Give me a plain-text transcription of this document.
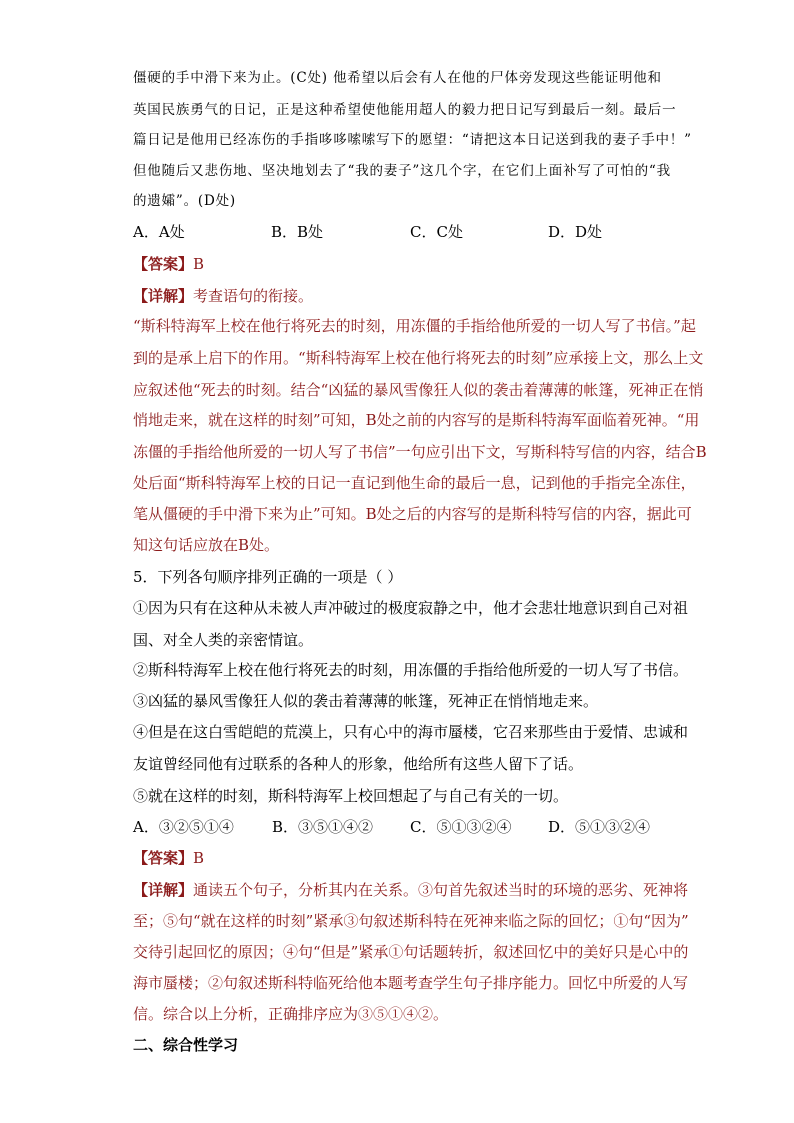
僵硬的手中滑下来为止。(C处) 他希望以后会有人在他的尸体旁发现这些能证明他和
英国民族勇气的日记，正是这种希望使他能用超人的毅力把日记写到最后一刻。最后一
篇日记是他用已经冻伤的手指哆哆嗦嗦写下的愿望：“请把这本日记送到我的妻子手中！”
但他随后又悲伤地、坚决地划去了“我的妻子”这几个字，在它们上面补写了可怕的“我
的遗孀”。(D处)
A．A处	B．B处	C．C处	D．D处
【答案】B
【详解】考查语句的衔接。
“斯科特海军上校在他行将死去的时刻，用冻僵的手指给他所爱的一切人写了书信。”起
到的是承上启下的作用。“斯科特海军上校在他行将死去的时刻”应承接上文，那么上文
应叙述他“死去的时刻。结合“凶猛的暴风雪像狂人似的袭击着薄薄的帐篷，死神正在悄
悄地走来，就在这样的时刻”可知，B处之前的内容写的是斯科特海军面临着死神。“用
冻僵的手指给他所爱的一切人写了书信”一句应引出下文，写斯科特写信的内容，结合B
处后面“斯科特海军上校的日记一直记到他生命的最后一息，记到他的手指完全冻住，
笔从僵硬的手中滑下来为止”可知。B处之后的内容写的是斯科特写信的内容，据此可
知这句话应放在B处。
5．下列各句顺序排列正确的一项是（ ）
①因为只有在这种从未被人声冲破过的极度寂静之中，他才会悲壮地意识到自己对祖
国、对全人类的亲密情谊。
②斯科特海军上校在他行将死去的时刻，用冻僵的手指给他所爱的一切人写了书信。
③凶猛的暴风雪像狂人似的袭击着薄薄的帐篷，死神正在悄悄地走来。
④但是在这白雪皑皑的荒漠上，只有心中的海市蜃楼，它召来那些由于爱情、忠诚和
友谊曾经同他有过联系的各种人的形象，他给所有这些人留下了话。
⑤就在这样的时刻，斯科特海军上校回想起了与自己有关的一切。
A．③②⑤①④	B．③⑤①④② C．⑤①③②④ D．⑤①③②④
【答案】B
【详解】通读五个句子，分析其内在关系。③句首先叙述当时的环境的恶劣、死神将
至；⑤句“就在这样的时刻”紧承③句叙述斯科特在死神来临之际的回忆；①句“因为”
交待引起回忆的原因；④句“但是”紧承①句话题转折，叙述回忆中的美好只是心中的
海市蜃楼；②句叙述斯科特临死给他本题考查学生句子排序能力。回忆中所爱的人写
信。综合以上分析，正确排序应为③⑤①④②。
二、综合性学习
